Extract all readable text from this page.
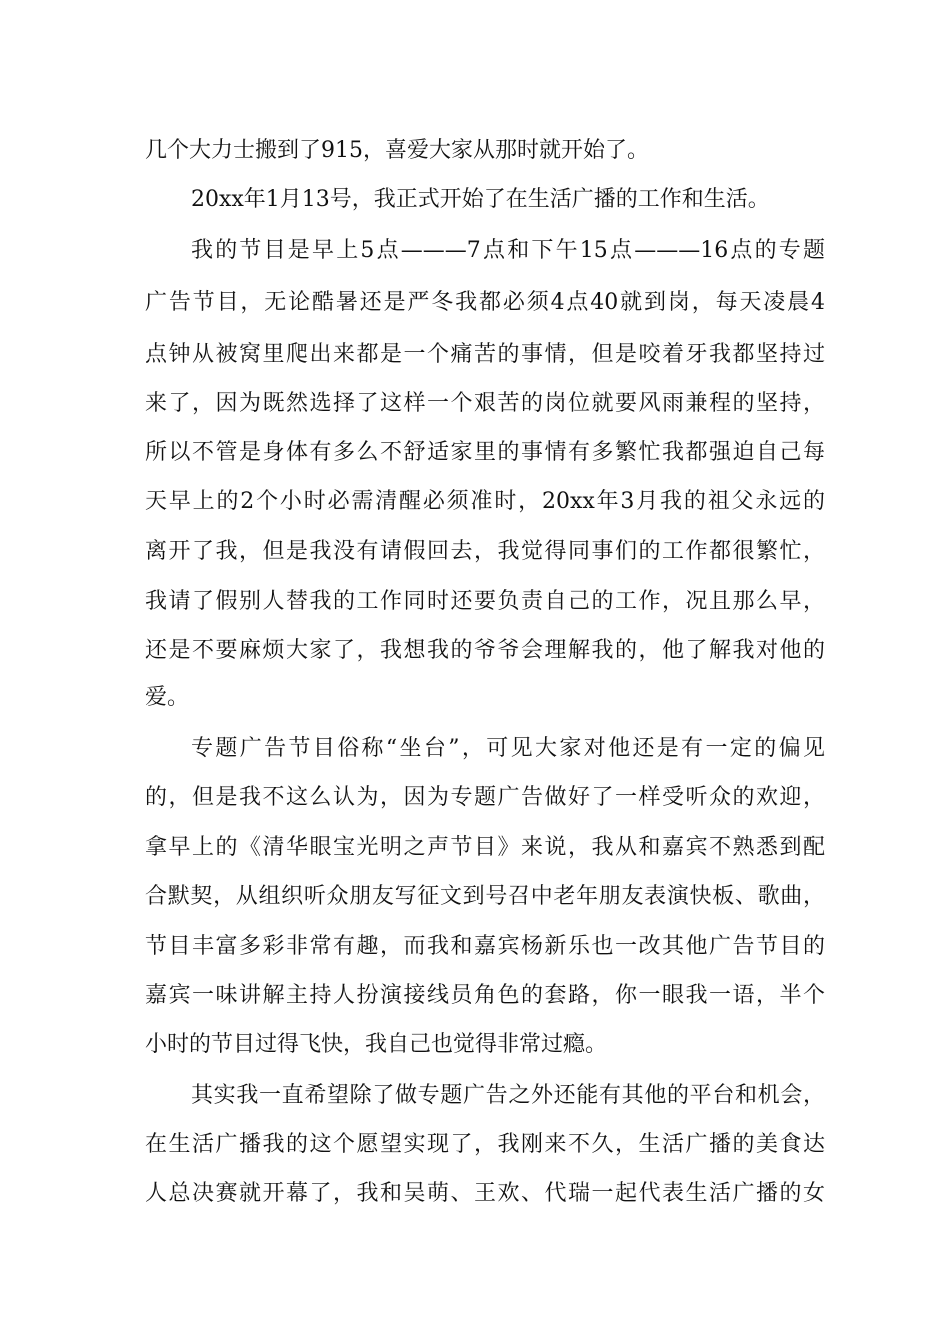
几个大力士搬到了915，喜爱大家从那时就开始了。
20xx年1月13号，我正式开始了在生活广播的工作和生活。
我的节目是早上5点———7点和下午15点———16点的专题
广告节目，无论酷暑还是严冬我都必须4点40就到岗，每天凌晨4
点钟从被窝里爬出来都是一个痛苦的事情，但是咬着牙我都坚持过
来了，因为既然选择了这样一个艰苦的岗位就要风雨兼程的坚持，
所以不管是身体有多么不舒适家里的事情有多繁忙我都强迫自己每
天早上的2个小时必需清醒必须准时，20xx年3月我的祖父永远的
离开了我，但是我没有请假回去，我觉得同事们的工作都很繁忙，
我请了假别人替我的工作同时还要负责自己的工作，况且那么早，
还是不要麻烦大家了，我想我的爷爷会理解我的，他了解我对他的
爱。
专题广告节目俗称“坐台”，可见大家对他还是有一定的偏见
的，但是我不这么认为，因为专题广告做好了一样受听众的欢迎，
拿早上的《清华眼宝光明之声节目》来说，我从和嘉宾不熟悉到配
合默契，从组织听众朋友写征文到号召中老年朋友表演快板、歌曲，
节目丰富多彩非常有趣，而我和嘉宾杨新乐也一改其他广告节目的
嘉宾一味讲解主持人扮演接线员角色的套路，你一眼我一语，半个
小时的节目过得飞快，我自己也觉得非常过瘾。
其实我一直希望除了做专题广告之外还能有其他的平台和机会，
在生活广播我的这个愿望实现了，我刚来不久，生活广播的美食达
人总决赛就开幕了，我和吴萌、王欢、代瑞一起代表生活广播的女
